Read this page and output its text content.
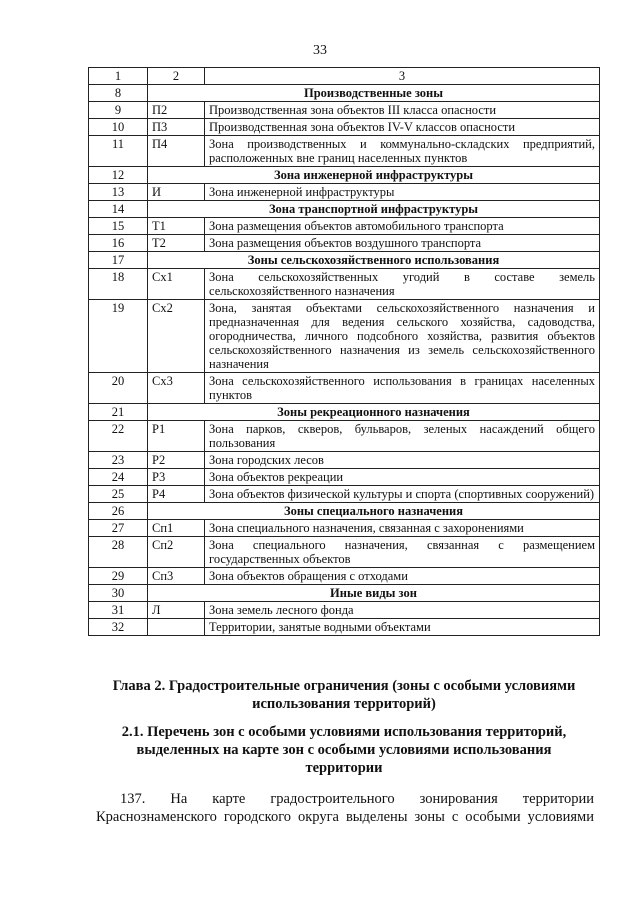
33
1	2	3
8	Производственные зоны	
9	П2	Производственная зона объектов III класса опасности
10	П3	Производственная зона объектов IV-V классов опасности
11	П4	Зона производственных и коммунально-складских предприятий, расположенных вне границ населенных пунктов
12	Зона инженерной инфраструктуры	
13	И	Зона инженерной инфраструктуры
14	Зона транспортной инфраструктуры	
15	Т1	Зона размещения объектов автомобильного транспорта
16	Т2	Зона размещения объектов воздушного транспорта
17	Зоны сельскохозяйственного использования	
18	Сх1	Зона сельскохозяйственных угодий в составе земель сельскохозяйственного назначения
19	Сх2	Зона, занятая объектами сельскохозяйственного назначения и предназначенная для ведения сельского хозяйства, садоводства, огородничества, личного подсобного хозяйства, развития объектов сельскохозяйственного назначения из земель сельскохозяйственного назначения
20	Сх3	Зона сельскохозяйственного использования в границах населенных пунктов
21	Зоны рекреационного назначения	
22	Р1	Зона парков, скверов, бульваров, зеленых насаждений общего пользования
23	Р2	Зона городских лесов
24	Р3	Зона объектов рекреации
25	Р4	Зона объектов физической культуры и спорта (спортивных сооружений)
26	Зоны специального назначения	
27	Сп1	Зона специального назначения, связанная с захоронениями
28	Сп2	Зона специального назначения, связанная с размещением государственных объектов
29	Сп3	Зона объектов обращения с отходами
30	Иные виды зон	
31	Л	Зона земель лесного фонда
32		Территории, занятые водными объектами
Глава 2. Градостроительные ограничения (зоны с особыми условиями
использования территорий)
2.1. Перечень зон с особыми условиями использования территорий,
выделенных на карте зон с особыми условиями использования
территории
137. На карте градостроительного зонирования территории
Краснознаменского городского округа выделены зоны с особыми условиями
